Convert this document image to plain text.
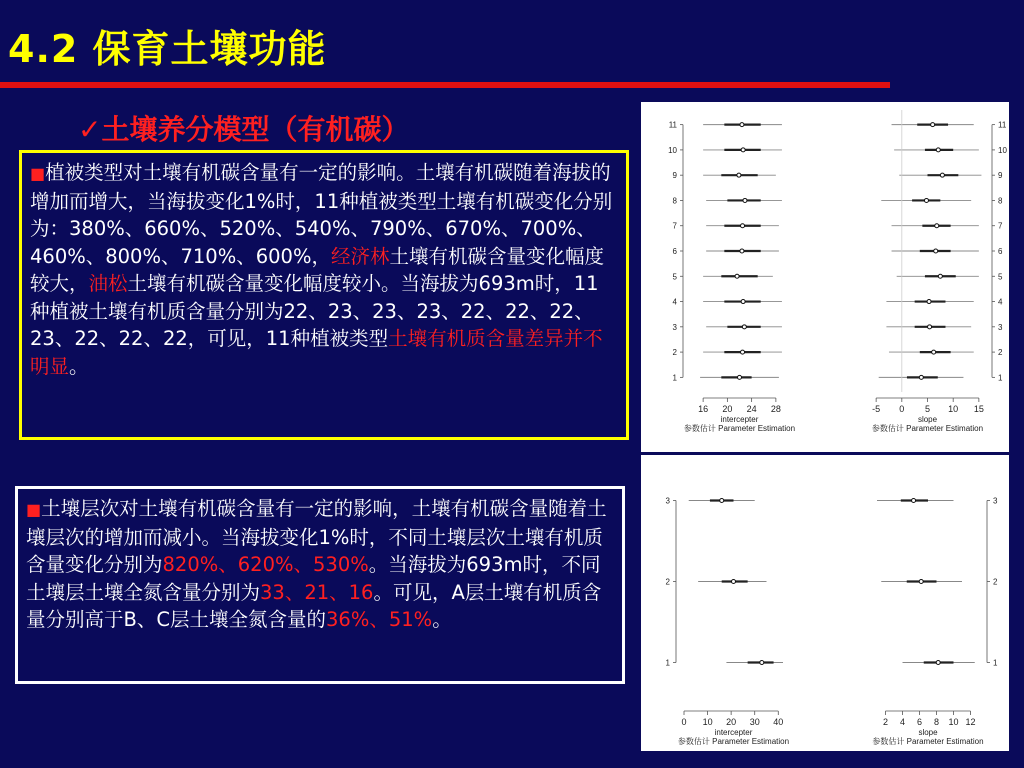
4.2 保育土壤功能
✓土壤养分模型（有机碳）
■植被类型对土壤有机碳含量有一定的影响。土壤有机碳随着海拔的增加而增大，当海拔变化1%时，11种植被类型土壤有机碳变化分别为：380%、660%、520%、540%、790%、670%、700%、460%、800%、710%、600%，经济林土壤有机碳含量变化幅度较大，油松土壤有机碳含量变化幅度较小。当海拔为693m时，11种植被土壤有机质含量分别为22、23、23、23、22、22、22、23、22、22、22，可见，11种植被类型土壤有机质含量差异并不明显。
■土壤层次对土壤有机碳含量有一定的影响，土壤有机碳含量随着土壤层次的增加而减小。当海拔变化1%时，不同土壤层次土壤有机质含量变化分别为820%、620%、530%。当海拔为693m时，不同土壤层土壤全氮含量分别为33、21、16。可见，A层土壤有机质含量分别高于B、C层土壤全氮含量的36%、51%。
1
2
3
4
5
6
7
8
9
10
11
16 20 24 28
intercepter
参数估计 Parameter Estimation
1
2
3
4
5
6
7
8
9
10
11
-5 0 5 10 15
slope
参数估计 Parameter Estimation
1
2
3
0 10 20 30 40
intercepter
参数估计 Parameter Estimation
1
2
3
2 4 6 8 10 12
slope
参数估计 Parameter Estimation
